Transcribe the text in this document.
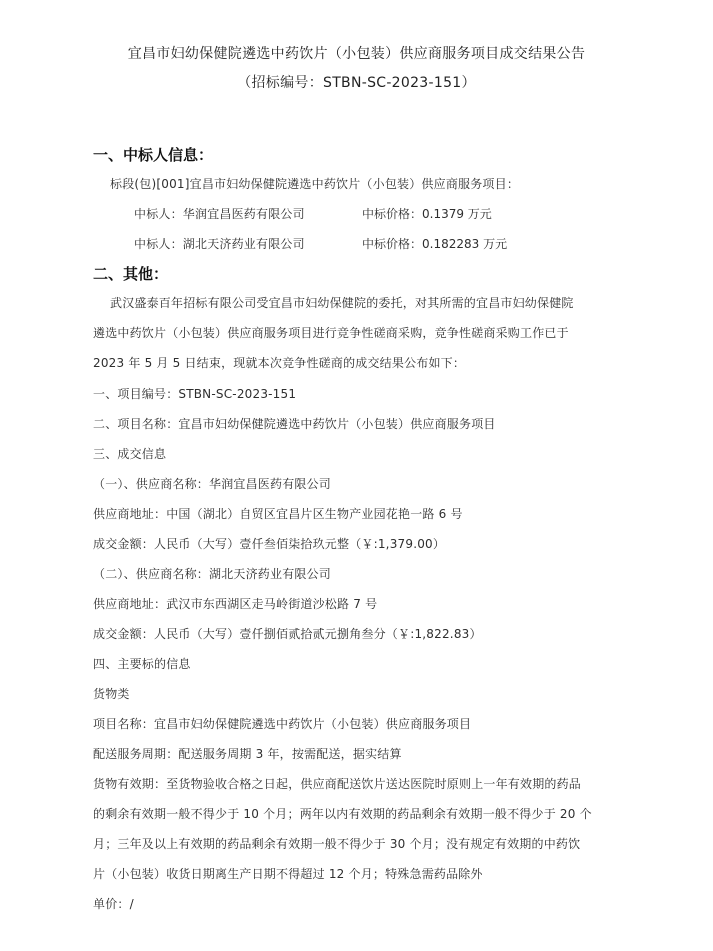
宜昌市妇幼保健院遴选中药饮片（小包装）供应商服务项目成交结果公告
（招标编号：STBN-SC-2023-151）
一、中标人信息：
标段(包)[001]宜昌市妇幼保健院遴选中药饮片（小包装）供应商服务项目：
中标人：华润宜昌医药有限公司	中标价格：0.1379 万元
中标人：湖北天济药业有限公司	中标价格：0.182283 万元
二、其他：
武汉盛泰百年招标有限公司受宜昌市妇幼保健院的委托，对其所需的宜昌市妇幼保健院
遴选中药饮片（小包装）供应商服务项目进行竞争性磋商采购，竞争性磋商采购工作已于
2023 年 5 月 5 日结束，现就本次竞争性磋商的成交结果公布如下：
一、项目编号：STBN-SC-2023-151
二、项目名称：宜昌市妇幼保健院遴选中药饮片（小包装）供应商服务项目
三、成交信息
（一）、供应商名称：华润宜昌医药有限公司
供应商地址：中国（湖北）自贸区宜昌片区生物产业园花艳一路 6 号
成交金额：人民币（大写）壹仟叁佰柒拾玖元整（￥:1,379.00）
（二）、供应商名称：湖北天济药业有限公司
供应商地址：武汉市东西湖区走马岭街道沙松路 7 号
成交金额：人民币（大写）壹仟捌佰贰拾贰元捌角叁分（￥:1,822.83）
四、主要标的信息
货物类
项目名称：宜昌市妇幼保健院遴选中药饮片（小包装）供应商服务项目
配送服务周期：配送服务周期 3 年，按需配送，据实结算
货物有效期：至货物验收合格之日起，供应商配送饮片送达医院时原则上一年有效期的药品
的剩余有效期一般不得少于 10 个月；两年以内有效期的药品剩余有效期一般不得少于 20 个
月；三年及以上有效期的药品剩余有效期一般不得少于 30 个月；没有规定有效期的中药饮
片（小包装）收货日期离生产日期不得超过 12 个月；特殊急需药品除外
单价：/
